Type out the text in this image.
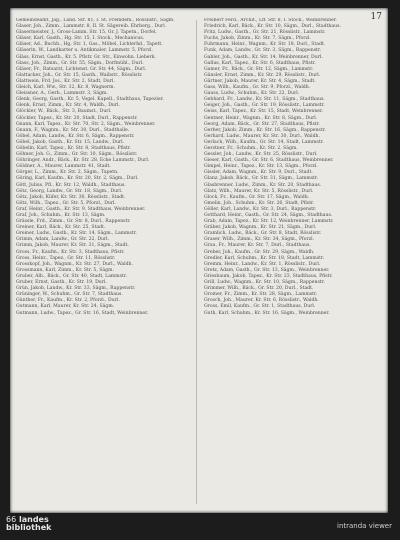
17
Gemeindeamt, Jag., Land. Str. 81, I. St. Fremdem., Rösslistr., Sägm.
Glaser, Joh., Zimm., Lammstr. 8, II. St. Sägereib. Ehrberg., Durl.
Glasermeister, J., Gross-Lamm. Str. 15, Gr. J. Tapetn., Dorfel.
Gläser, Karl, Gasth., Hg. Str. 15, I. Stock., Mechanicus.
Gläser, Ad., Buchh., Hg. Str. 1, Gas., Möbel, Lichterhd., Tapett.
Gläserin, W., Landkarter u. Antikmaler, Lammstr. 5, Pforzl.
Gläss, Ernst, Gasth., Kr. 5. Pflstr. Gr. Str., Einwohn. Lieberk.
Glass, Joh., Zimm., Gr. Str. 55, Sägm., Dorfmühl., Durl.
Gläser, Fr., Ratsarzt, Lichtenst. Gr. Str. 44, Sägm., Durl.
Glattacker, Joh., Gr. Str. 15, Gasth., Waibstr., Rösslistr.
Glattwein, Frd. Jos., Kr. Str. 2, Stadt, Durl.
Gleich, Karl, Ww., Str. 12, Kr. 8, Wagnerm.
Gleissner, A., Gerb., Lammstr. 3, Sägm.
Glenk, Georg, Gasth., Kr. 5, Vogel. Kapell., Stadthaus, Tapezier.
Glenk, Ernst, Zimm., Kr. Str. 4, Waldh., Durl.
Glöckler, W., Bäck., Str. 3, Baumst., Durl.
Glöckler, Tapez., Kr. Str. 20, Stadt, Durl., Rappenstr.
Gnann, Karl, Tapez., Kr. Str. 70, Str. 2, Sägm., Weinbrenner.
Gnann, F., Wagnm., Kr. Str. 30, Durl., Stadthalle.
Göbel, Adam, Landw., Kr. Str. 6, Sägm., Rappenstr.
Göbel, Jakob, Gasth., Kr. Str. 15, Landw., Durl.
Göbelin, Karl, Tapez., Kr. Str. 8, Stadthaus, Pflstr.
Göhner, Joh. G., Zimm., Gr. Str. 10, Sägm., Rösslistr.
Göhringer, Andr., Bäck., Kr. Str. 28, Ecke Lammstr., Durl.
Göldner, A., Maurer, Lammstr. 41, Stadt.
Görger, L., Zimm., Kr. Str. 2, Sägm., Tapetn.
Göring, Karl, Kaufm., Kr. Str. 20, Str. 2, Sägm., Durl.
Gött, Julius, Pfl., Kr. Str. 12, Waldh., Stadthaus.
Götz, Georg, Landw., Gr. Str. 18, Sägm., Durl.
Götz, Jakob, Küfer, Kr. Str. 30, Rösslistr., Stadt.
Götz, Wilh., Tapez., Gr. Str. 5, Pforzl., Durl.
Graf, Heinr., Gasth., Kr. Str. 9, Stadthaus, Weinbrenner.
Graf, Joh., Schuhm., Kr. Str. 13, Sägm.
Grässle, Frd., Zimm., Gr. Str. 8, Durl., Rappenstr.
Greiner, Karl, Bäck., Kr. Str. 25, Stadt.
Greiner, Ludw., Gasth., Kr. Str. 14, Sägm., Lammstr.
Grimm, Adam, Landw., Gr. Str. 22, Durl.
Grimm, Jakob, Maurer, Kr. Str. 31, Sägm., Stadt.
Gross, Fr., Kaufm., Kr. Str. 3, Stadthaus, Pflstr.
Gross, Heinr., Tapez., Gr. Str. 11, Rösslistr.
Grosskopf, Joh., Wagnm., Kr. Str. 27, Durl., Waldh.
Grossmann, Karl, Zimm., Kr. Str. 5, Sägm.
Gruber, Alb., Bäck., Gr. Str. 40, Stadt, Lammstr.
Gruber, Ernst, Gasth., Kr. Str. 19, Durl.
Grün, Jakob, Landw., Kr. Str. 33, Sägm., Rappenstr.
Grüninger, W., Schuhm., Gr. Str. 7, Stadthaus.
Günther, Fr., Kaufm., Kr. Str. 2, Pforzl., Durl.
Gutmann, Karl, Maurer, Kr. Str. 24, Sägm.
Gutmann, Ludw., Tapez., Gr. Str. 16, Stadt, Weinbrenner.
Freiherr Ferd., Archit., Lff. Str. 8, I. Stock., Weinbrenner.
Friedrich, Karl, Bäck., Kr. Str. 10, Sägm., Durl., Stadthaus.
Fritz, Ludw., Gasth., Gr. Str. 21, Rösslistr., Lammstr.
Fuchs, Jakob, Zimm., Kr. Str. 7, Sägm., Pforzl.
Fuhrmann, Heinr., Wagnm., Kr. Str. 18, Durl., Stadt.
Funk, Adam, Landw., Gr. Str. 3, Sägm., Rappenstr.
Gabler, Joh., Gasth., Kr. Str. 14, Weinbrenner, Durl.
Gallus, Karl, Tapez., Kr. Str. 6, Stadthaus, Pflstr.
Gamer, Fr., Bäck., Gr. Str. 12, Sägm., Lammstr.
Gänsler, Ernst, Zimm., Kr. Str. 29, Rösslistr., Durl.
Gärtner, Jakob, Maurer, Kr. Str. 4, Sägm., Stadt.
Gass, Wilh., Kaufm., Gr. Str. 9, Pforzl., Waldh.
Gauss, Ludw., Schuhm., Kr. Str. 22, Durl.
Gebhard, Fr., Landw., Kr. Str. 11, Sägm., Stadthaus.
Geiger, Joh., Gasth., Gr. Str. 19, Rösslistr., Lammstr.
Geiss, Karl, Tapez., Kr. Str. 15, Stadt, Weinbrenner.
Gentner, Heinr., Wagnm., Kr. Str. 8, Sägm., Durl.
Georg, Adam, Bäck., Gr. Str. 27, Stadthaus, Pflstr.
Gerber, Jakob, Zimm., Kr. Str. 16, Sägm., Rappenstr.
Gerhard, Ludw., Maurer, Kr. Str. 30, Durl., Waldh.
Gerlach, Wilh., Kaufm., Gr. Str. 14, Stadt, Lammstr.
Gerstner, Fr., Schuhm., Kr. Str. 2, Sägm.
Gessler, Joh., Landw., Kr. Str. 25, Rösslistr., Durl.
Gieser, Karl, Gasth., Gr. Str. 6, Stadthaus, Weinbrenner.
Gimpel, Heinr., Tapez., Kr. Str. 13, Sägm., Pforzl.
Gissler, Adam, Wagnm., Kr. Str. 9, Durl., Stadt.
Glanz, Jakob, Bäck., Gr. Str. 31, Sägm., Lammstr.
Glasbrenner, Ludw., Zimm., Kr. Str. 20, Stadthaus.
Glatz, Wilh., Maurer, Kr. Str. 5, Rösslistr., Durl.
Glock, Fr., Kaufm., Gr. Str. 17, Sägm., Waldh.
Gmelin, Joh., Schuhm., Kr. Str. 26, Stadt, Pflstr.
Göller, Karl, Landw., Kr. Str. 3, Durl., Rappenstr.
Gotthard, Heinr., Gasth., Gr. Str. 24, Sägm., Stadthaus.
Grab, Adam, Tapez., Kr. Str. 12, Weinbrenner, Lammstr.
Gräber, Jakob, Wagnm., Kr. Str. 21, Sägm., Durl.
Gramlich, Ludw., Bäck., Gr. Str. 8, Stadt, Rösslistr.
Graser, Wilh., Zimm., Kr. Str. 34, Sägm., Pforzl.
Grau, Fr., Maurer, Kr. Str. 7, Durl., Stadthaus.
Greber, Joh., Kaufm., Gr. Str. 29, Sägm., Waldh.
Gredler, Karl, Schuhm., Kr. Str. 18, Stadt, Lammstr.
Gremm, Heinr., Landw., Kr. Str. 1, Rösslistr., Durl.
Gretz, Adam, Gasth., Gr. Str. 13, Sägm., Weinbrenner.
Griesbaum, Jakob, Tapez., Kr. Str. 23, Stadthaus, Pflstr.
Grill, Ludw., Wagnm., Kr. Str. 10, Sägm., Rappenstr.
Grimmer, Wilh., Bäck., Gr. Str. 20, Durl., Stadt.
Gromer, Fr., Zimm., Kr. Str. 28, Sägm., Lammstr.
Grosch, Joh., Maurer, Kr. Str. 6, Rösslistr., Waldh.
Gross, Emil, Kaufm., Gr. Str. 1, Stadthaus, Durl.
Guth, Karl, Schuhm., Kr. Str. 16, Sägm., Weinbrenner.
66 landes
bibliothek	intranda viewer
